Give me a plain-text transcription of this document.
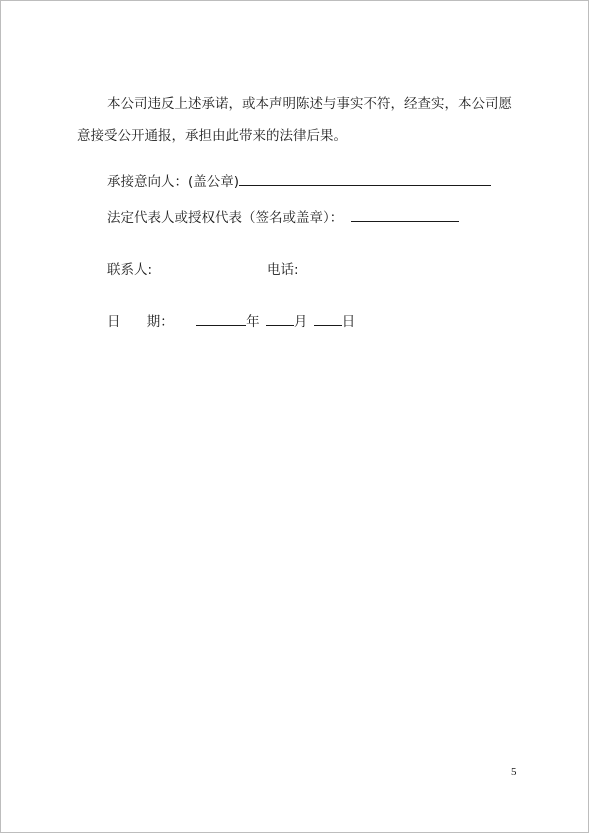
本公司违反上述承诺，或本声明陈述与事实不符，经查实，本公司愿
意接受公开通报，承担由此带来的法律后果。
承接意向人：(盖公章)
法定代表人或授权代表（签名或盖章）：
联系人:	电话:
日 期：	年	月	日
5
